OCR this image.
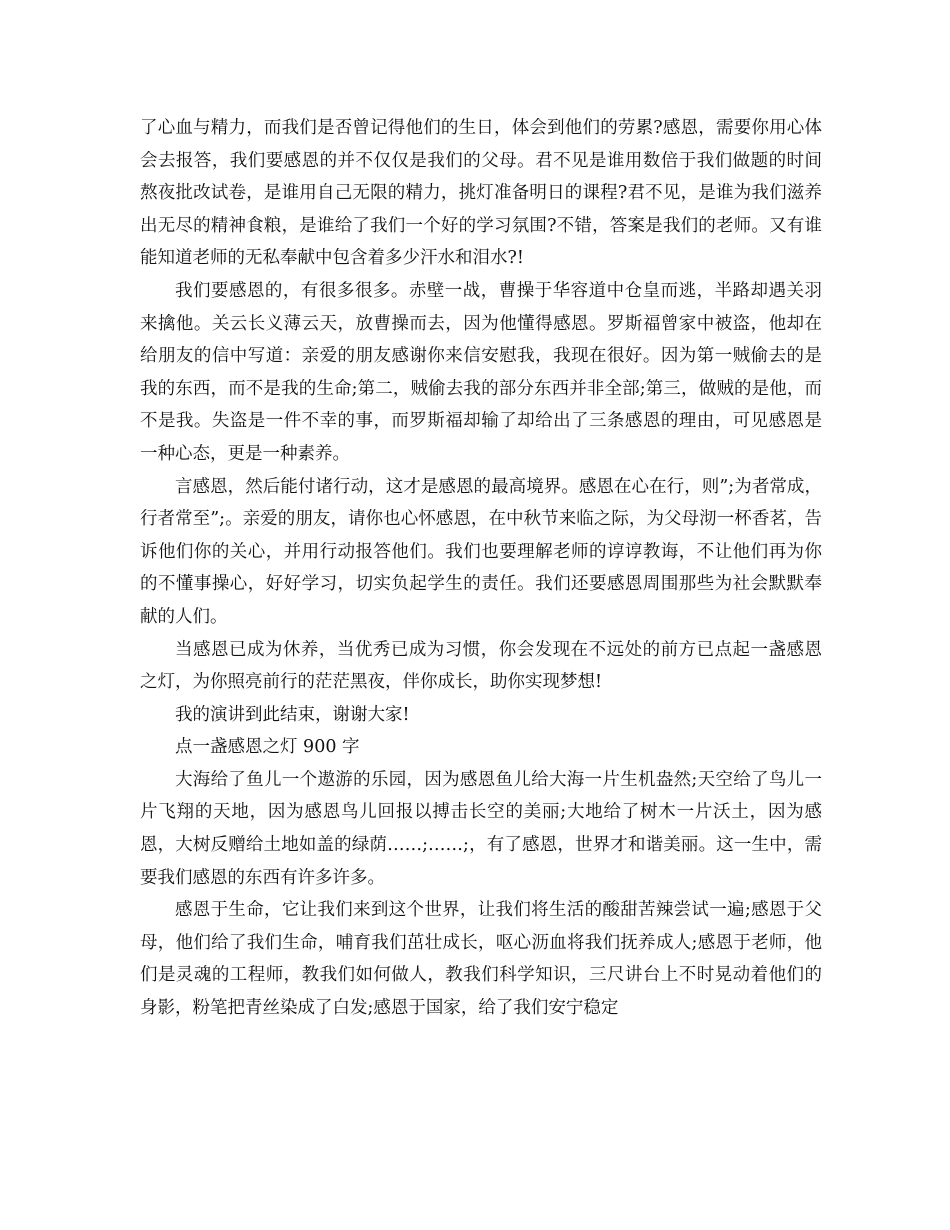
了心血与精力，而我们是否曾记得他们的生日，体会到他们的劳累?感恩，需要你用心体会去报答，我们要感恩的并不仅仅是我们的父母。君不见是谁用数倍于我们做题的时间熬夜批改试卷，是谁用自己无限的精力，挑灯准备明日的课程?君不见，是谁为我们滋养出无尽的精神食粮，是谁给了我们一个好的学习氛围?不错，答案是我们的老师。又有谁能知道老师的无私奉献中包含着多少汗水和泪水?!

我们要感恩的，有很多很多。赤壁一战，曹操于华容道中仓皇而逃，半路却遇关羽来擒他。关云长义薄云天，放曹操而去，因为他懂得感恩。罗斯福曾家中被盗，他却在给朋友的信中写道：亲爱的朋友感谢你来信安慰我，我现在很好。因为第一贼偷去的是我的东西，而不是我的生命;第二，贼偷去我的部分东西并非全部;第三，做贼的是他，而不是我。失盗是一件不幸的事，而罗斯福却输了却给出了三条感恩的理由，可见感恩是一种心态，更是一种素养。

言感恩，然后能付诸行动，这才是感恩的最高境界。感恩在心在行，则”;为者常成，行者常至”;。亲爱的朋友，请你也心怀感恩，在中秋节来临之际，为父母沏一杯香茗，告诉他们你的关心，并用行动报答他们。我们也要理解老师的谆谆教诲，不让他们再为你的不懂事操心，好好学习，切实负起学生的责任。我们还要感恩周围那些为社会默默奉献的人们。

当感恩已成为休养，当优秀已成为习惯，你会发现在不远处的前方已点起一盏感恩之灯，为你照亮前行的茫茫黑夜，伴你成长，助你实现梦想!

我的演讲到此结束，谢谢大家!

点一盏感恩之灯 900 字

大海给了鱼儿一个遨游的乐园，因为感恩鱼儿给大海一片生机盎然;天空给了鸟儿一片飞翔的天地，因为感恩鸟儿回报以搏击长空的美丽;大地给了树木一片沃土，因为感恩，大树反赠给土地如盖的绿荫……;……;，有了感恩，世界才和谐美丽。这一生中，需要我们感恩的东西有许多许多。

感恩于生命，它让我们来到这个世界，让我们将生活的酸甜苦辣尝试一遍;感恩于父母，他们给了我们生命，哺育我们茁壮成长，呕心沥血将我们抚养成人;感恩于老师，他们是灵魂的工程师，教我们如何做人，教我们科学知识，三尺讲台上不时晃动着他们的身影，粉笔把青丝染成了白发;感恩于国家，给了我们安宁稳定
